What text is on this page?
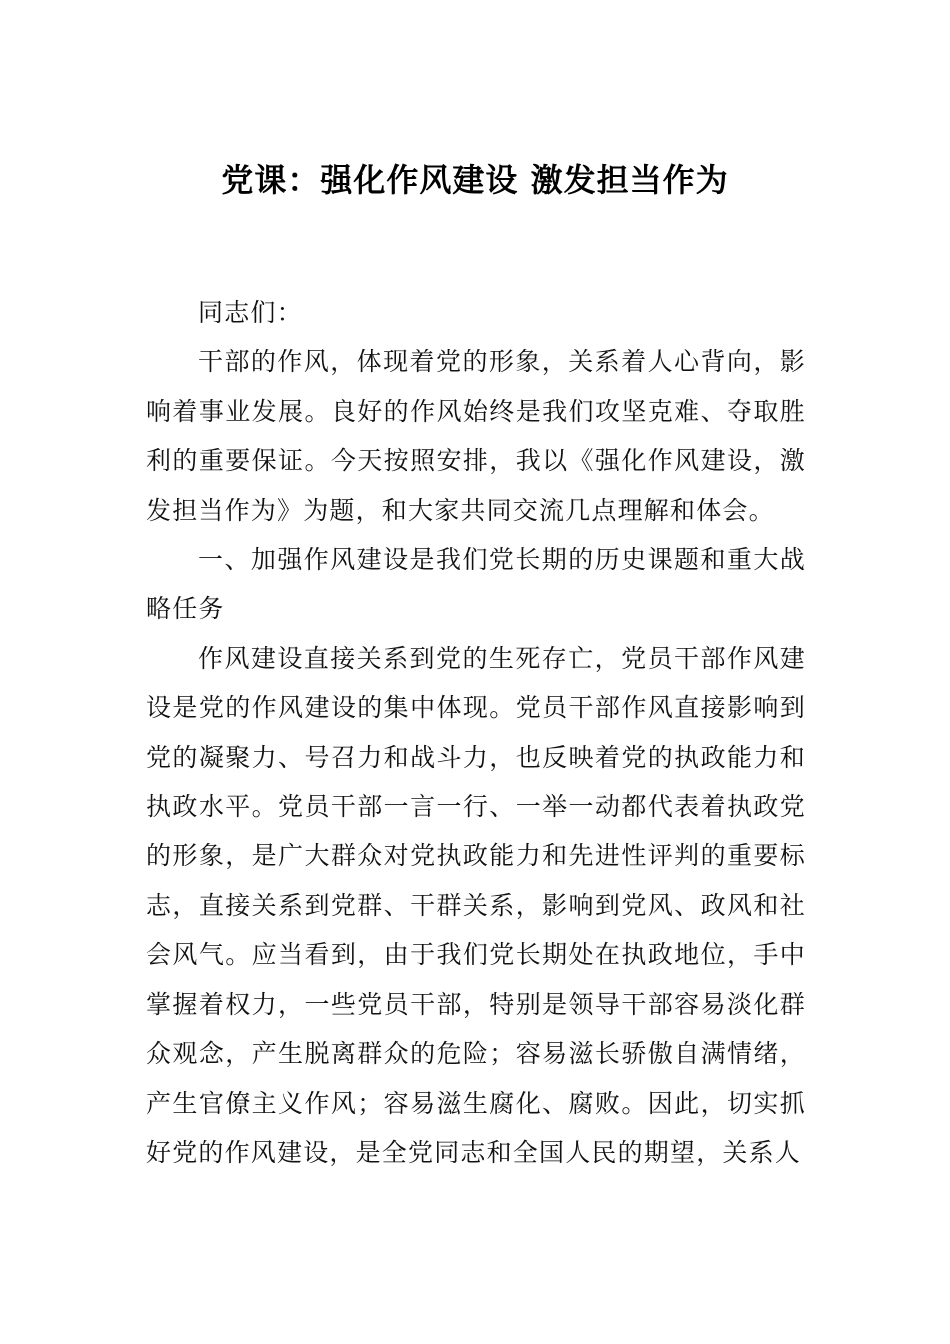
党课：强化作风建设 激发担当作为

同志们：

干部的作风，体现着党的形象，关系着人心背向，影响着事业发展。良好的作风始终是我们攻坚克难、夺取胜利的重要保证。今天按照安排，我以《强化作风建设，激发担当作为》为题，和大家共同交流几点理解和体会。

一、加强作风建设是我们党长期的历史课题和重大战略任务

作风建设直接关系到党的生死存亡，党员干部作风建设是党的作风建设的集中体现。党员干部作风直接影响到党的凝聚力、号召力和战斗力，也反映着党的执政能力和执政水平。党员干部一言一行、一举一动都代表着执政党的形象，是广大群众对党执政能力和先进性评判的重要标志，直接关系到党群、干群关系，影响到党风、政风和社会风气。应当看到，由于我们党长期处在执政地位，手中掌握着权力，一些党员干部，特别是领导干部容易淡化群众观念，产生脱离群众的危险；容易滋长骄傲自满情绪，产生官僚主义作风；容易滋生腐化、腐败。因此，切实抓好党的作风建设，是全党同志和全国人民的期望，关系人
